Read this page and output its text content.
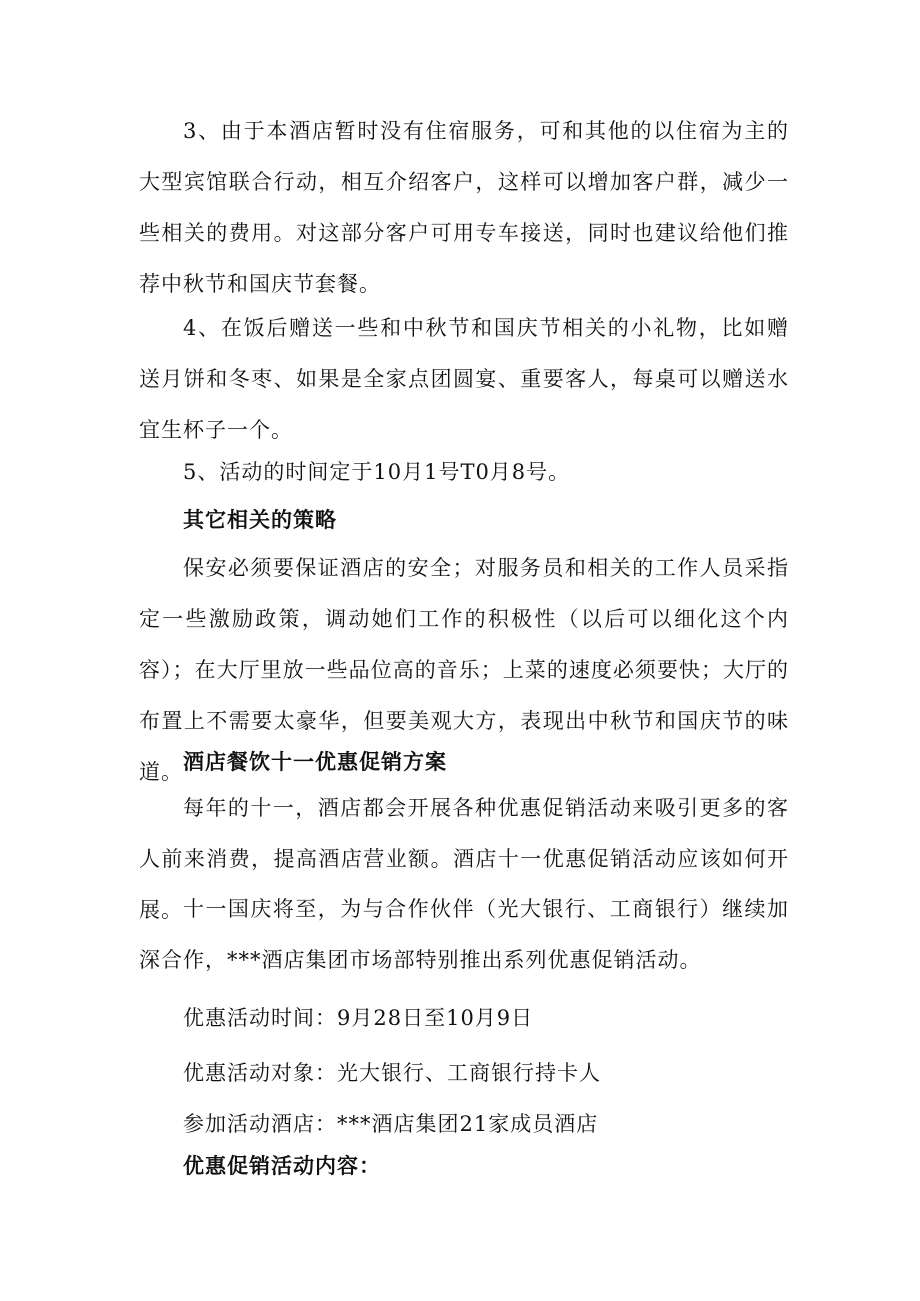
3、由于本酒店暂时没有住宿服务，可和其他的以住宿为主的大型宾馆联合行动，相互介绍客户，这样可以增加客户群，减少一些相关的费用。对这部分客户可用专车接送，同时也建议给他们推荐中秋节和国庆节套餐。

4、在饭后赠送一些和中秋节和国庆节相关的小礼物，比如赠送月饼和冬枣、如果是全家点团圆宴、重要客人，每桌可以赠送水宜生杯子一个。

5、活动的时间定于10月1号T0月8号。

其它相关的策略

保安必须要保证酒店的安全；对服务员和相关的工作人员采指定一些激励政策，调动她们工作的积极性（以后可以细化这个内容）；在大厅里放一些品位高的音乐；上菜的速度必须要快；大厅的布置上不需要太豪华，但要美观大方，表现出中秋节和国庆节的味道。 酒店餐饮十一优惠促销方案

每年的十一，酒店都会开展各种优惠促销活动来吸引更多的客人前来消费，提高酒店营业额。酒店十一优惠促销活动应该如何开展。 十一国庆将至，为与合作伙伴（光大银行、工商银行）继续加深合作，***酒店集团市场部特别推出系列优惠促销活动。

优惠活动时间：9月28日至10月9日

优惠活动对象：光大银行、工商银行持卡人

参加活动酒店：***酒店集团21家成员酒店

优惠促销活动内容：
